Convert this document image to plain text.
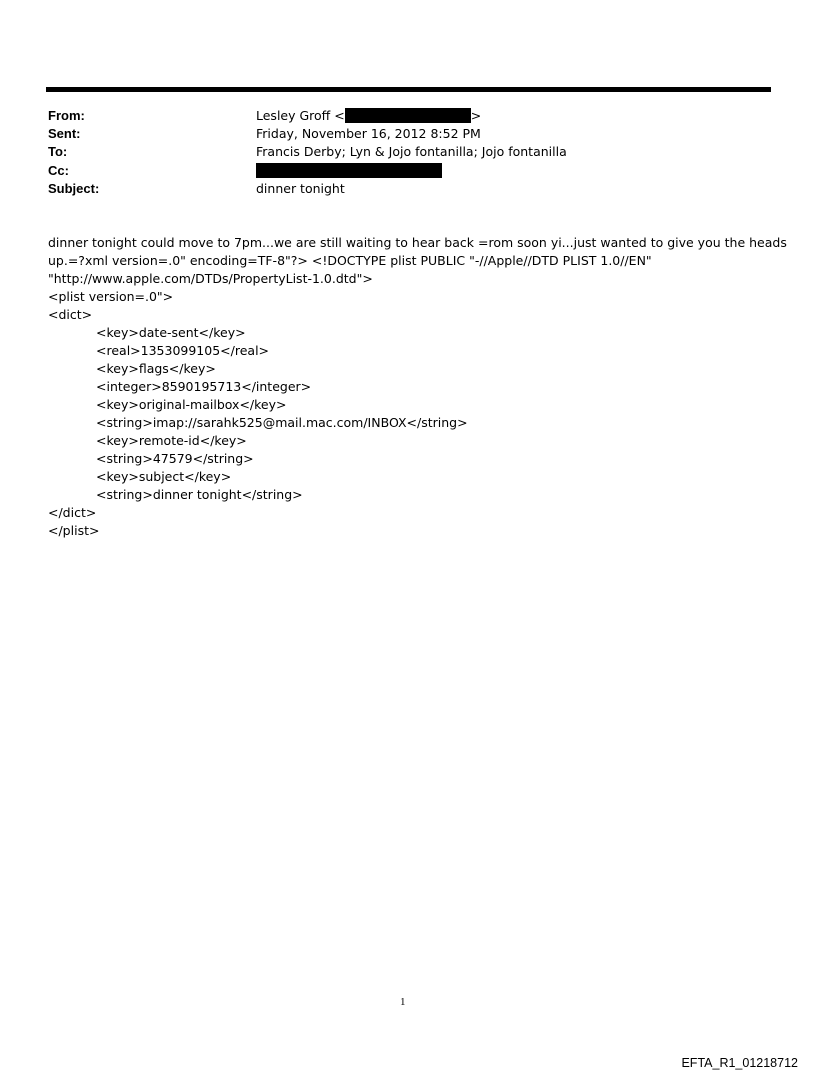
From:	Lesley Groff <	>
Sent:	Friday, November 16, 2012 8:52 PM
To:	Francis Derby; Lyn & Jojo fontanilla; Jojo fontanilla
Cc:
Subject:	dinner tonight

dinner tonight could move to 7pm...we are still waiting to hear back =rom soon yi...just wanted to give you the heads

up.=?xml version=.0" encoding=TF-8"?> <!DOCTYPE plist PUBLIC "-//Apple//DTD PLIST 1.0//EN"

"http://www.apple.com/DTDs/PropertyList-1.0.dtd">

<plist version=.0">

<dict>

<key>date-sent</key>

<real>1353099105</real>

<key>flags</key>

<integer>8590195713</integer>

<key>original-mailbox</key>

<string>imap://sarahk525@mail.mac.com/INBOX</string>

<key>remote-id</key>

<string>47579</string>

<key>subject</key>

<string>dinner tonight</string>

</dict>

</plist>

1
EFTA_R1_01218712
